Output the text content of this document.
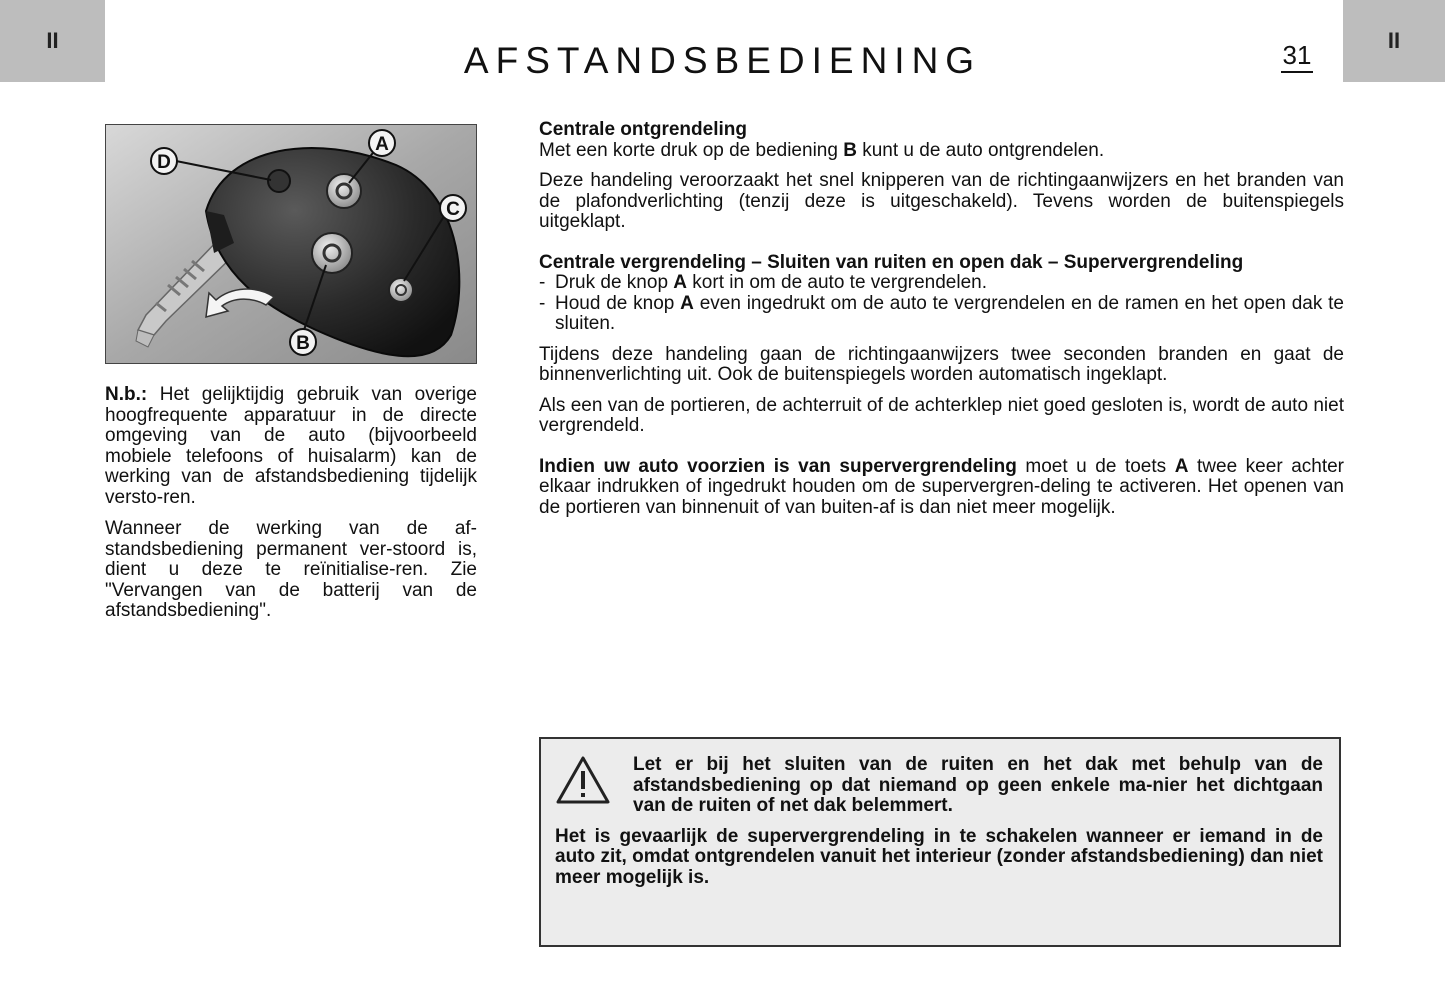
II	AFSTANDSBEDIENING	31	II
D
A
C
B

N.b.: Het gelijktijdig gebruik van overige hoogfrequente apparatuur in de directe omgeving van de auto (bijvoorbeeld mobiele telefoons of huisalarm) kan de werking van de afstandsbediening tijdelijk versto-ren.

Wanneer de werking van de af-standsbediening permanent ver-stoord is, dient u deze te reïnitialise-ren. Zie "Vervangen van de batterij van de afstandsbediening".

Centrale ontgrendeling

Met een korte druk op de bediening B kunt u de auto ontgrendelen.

Deze handeling veroorzaakt het snel knipperen van de richtingaanwijzers en het branden van de plafondverlichting (tenzij deze is uitgeschakeld). Tevens worden de buitenspiegels uitgeklapt.

Centrale vergrendeling – Sluiten van ruiten en open dak – Supervergrendeling
- Druk de knop A kort in om de auto te vergrendelen.
- Houd de knop A even ingedrukt om de auto te vergrendelen en de ramen en het open dak te sluiten.

Tijdens deze handeling gaan de richtingaanwijzers twee seconden branden en gaat de binnenverlichting uit. Ook de buitenspiegels worden automatisch ingeklapt.

Als een van de portieren, de achterruit of de achterklep niet goed gesloten is, wordt de auto niet vergrendeld.

Indien uw auto voorzien is van supervergrendeling moet u de toets A twee keer achter elkaar indrukken of ingedrukt houden om de supervergren-deling te activeren. Het openen van de portieren van binnenuit of van buiten-af is dan niet meer mogelijk.

Let er bij het sluiten van de ruiten en het dak met behulp van de afstandsbediening op dat niemand op geen enkele ma-nier het dichtgaan van de ruiten of net dak belemmert.
Het is gevaarlijk de supervergrendeling in te schakelen wanneer er iemand in de auto zit, omdat ontgrendelen vanuit het interieur (zonder afstandsbediening) dan niet meer mogelijk is.
